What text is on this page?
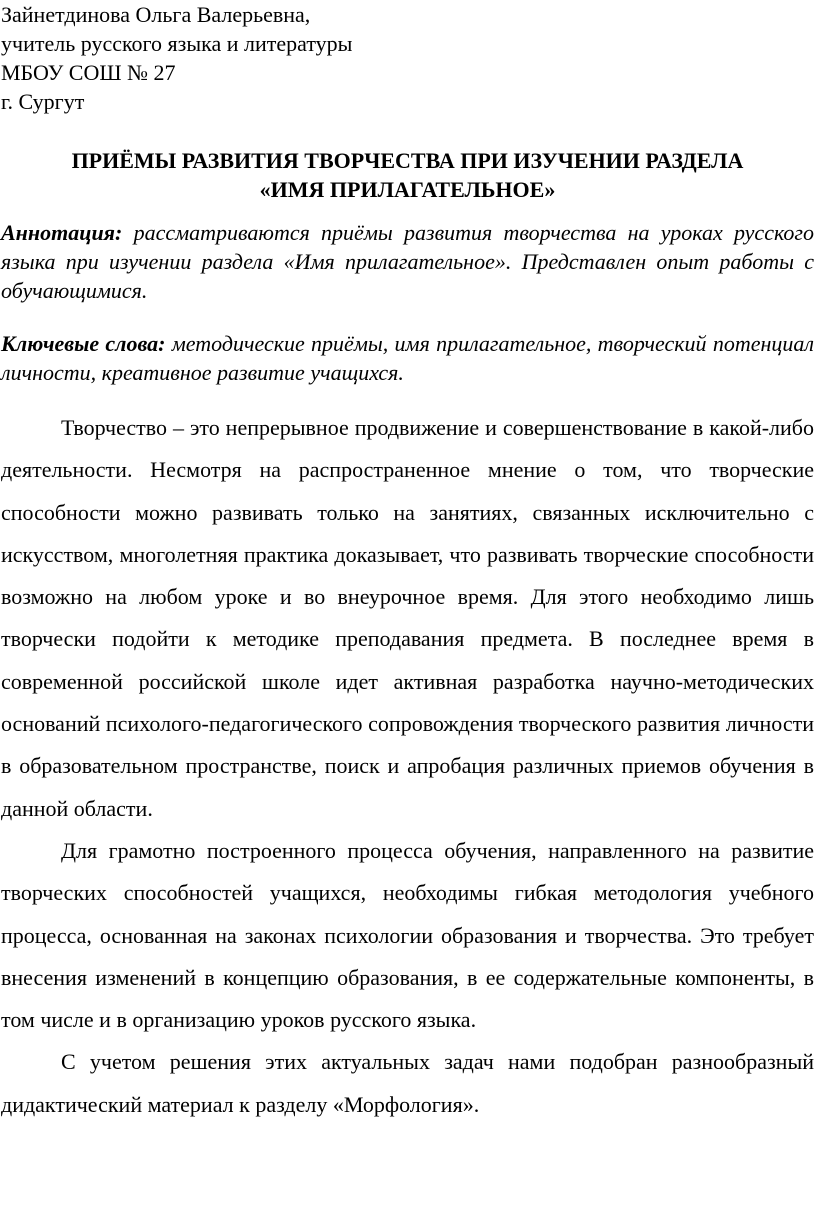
Зайнетдинова Ольга Валерьевна,
учитель русского языка и литературы
МБОУ СОШ № 27
г. Сургут
ПРИЁМЫ РАЗВИТИЯ ТВОРЧЕСТВА ПРИ ИЗУЧЕНИИ РАЗДЕЛА
«ИМЯ ПРИЛАГАТЕЛЬНОЕ»

Аннотация: рассматриваются приёмы развития творчества на уроках русского языка при изучении раздела «Имя прилагательное». Представлен опыт работы с обучающимися.

Ключевые слова: методические приёмы, имя прилагательное, творческий потенциал личности, креативное развитие учащихся.

Творчество – это непрерывное продвижение и совершенствование в какой-либо деятельности. Несмотря на распространенное мнение о том, что творческие способности можно развивать только на занятиях, связанных исключительно с искусством, многолетняя практика доказывает, что развивать творческие способности возможно на любом уроке и во внеурочное время. Для этого необходимо лишь творчески подойти к методике преподавания предмета. В последнее время в современной российской школе идет активная разработка научно-методических оснований психолого-педагогического сопровождения творческого развития личности в образовательном пространстве, поиск и апробация различных приемов обучения в данной области.

Для грамотно построенного процесса обучения, направленного на развитие творческих способностей учащихся, необходимы гибкая методология учебного процесса, основанная на законах психологии образования и творчества. Это требует внесения изменений в концепцию образования, в ее содержательные компоненты, в том числе и в организацию уроков русского языка.

С учетом решения этих актуальных задач нами подобран разнообразный дидактический материал к разделу «Морфология».
